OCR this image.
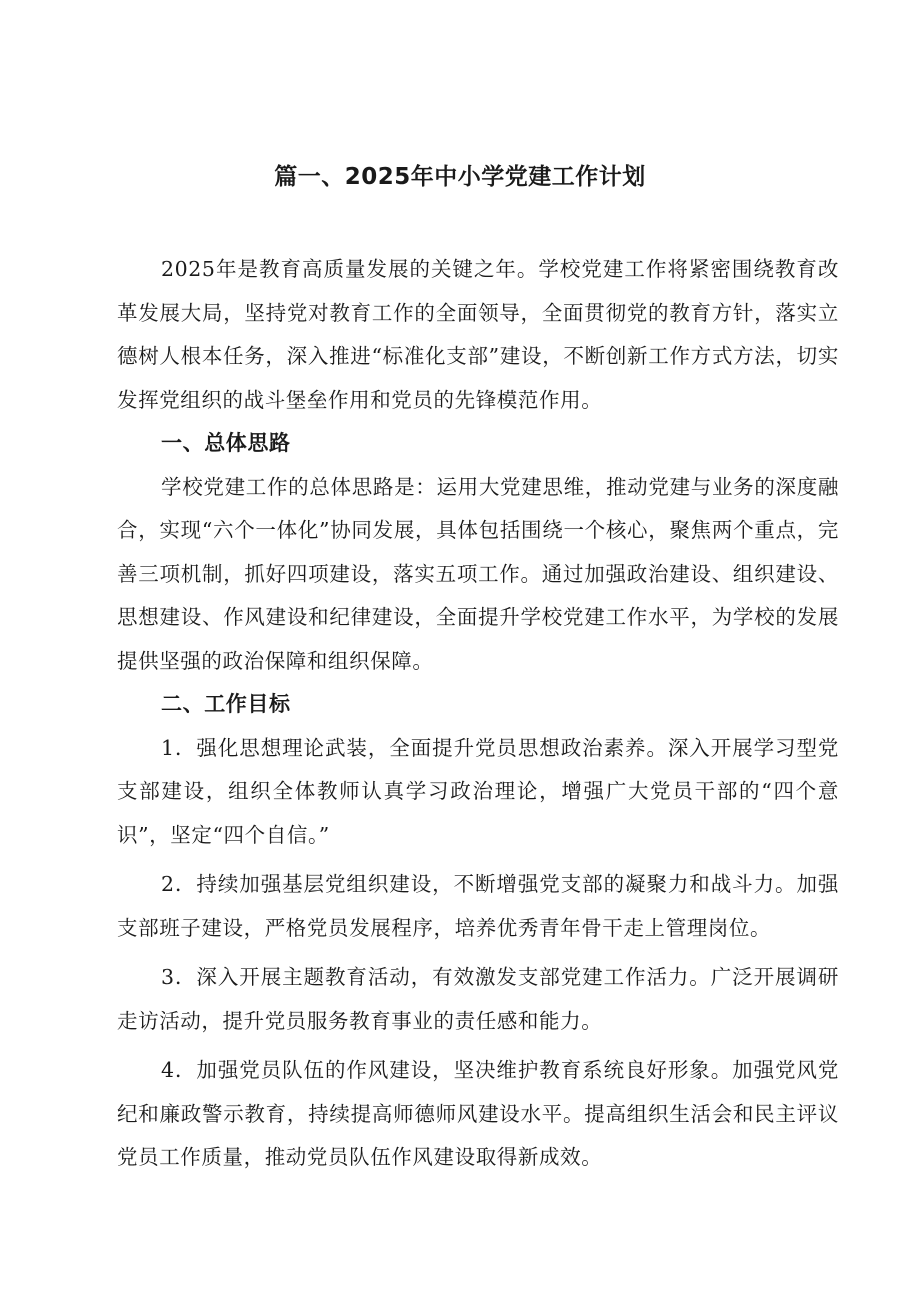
篇一、2025年中小学党建工作计划

2025年是教育高质量发展的关键之年。学校党建工作将紧密围绕教育改革发展大局，坚持党对教育工作的全面领导，全面贯彻党的教育方针，落实立德树人根本任务，深入推进“标准化支部”建设，不断创新工作方式方法，切实发挥党组织的战斗堡垒作用和党员的先锋模范作用。

一、总体思路

学校党建工作的总体思路是：运用大党建思维，推动党建与业务的深度融合，实现“六个一体化”协同发展，具体包括围绕一个核心，聚焦两个重点，完善三项机制，抓好四项建设，落实五项工作。通过加强政治建设、组织建设、思想建设、作风建设和纪律建设，全面提升学校党建工作水平，为学校的发展提供坚强的政治保障和组织保障。

二、工作目标

1．强化思想理论武装，全面提升党员思想政治素养。深入开展学习型党支部建设，组织全体教师认真学习政治理论，增强广大党员干部的“四个意识”，坚定“四个自信。”

2．持续加强基层党组织建设，不断增强党支部的凝聚力和战斗力。加强支部班子建设，严格党员发展程序，培养优秀青年骨干走上管理岗位。

3．深入开展主题教育活动，有效激发支部党建工作活力。广泛开展调研走访活动，提升党员服务教育事业的责任感和能力。

4．加强党员队伍的作风建设，坚决维护教育系统良好形象。加强党风党纪和廉政警示教育，持续提高师德师风建设水平。提高组织生活会和民主评议党员工作质量，推动党员队伍作风建设取得新成效。
